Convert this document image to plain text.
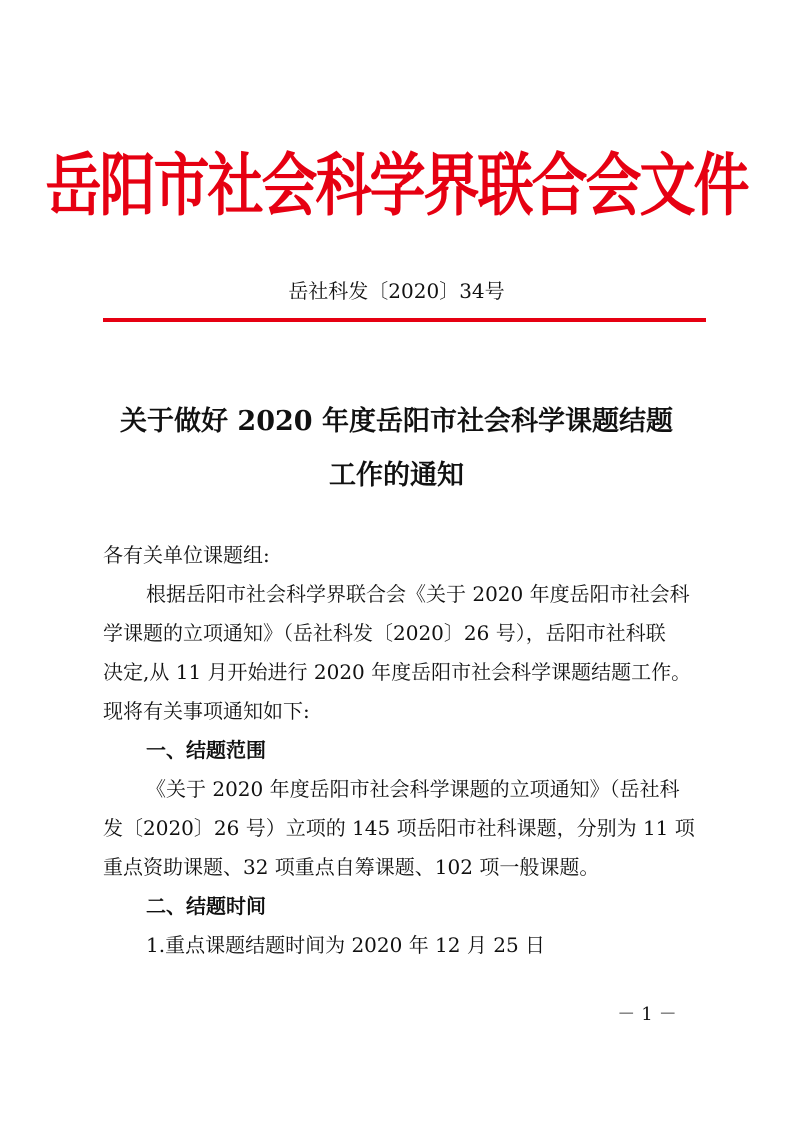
岳阳市社会科学界联合会文件
岳社科发〔2020〕34号
关于做好 2020 年度岳阳市社会科学课题结题
工作的通知
各有关单位课题组:
根据岳阳市社会科学界联合会《关于 2020 年度岳阳市社会科
学课题的立项通知》（岳社科发〔2020〕26 号），岳阳市社科联
决定,从 11 月开始进行 2020 年度岳阳市社会科学课题结题工作。
现将有关事项通知如下:
一、结题范围
《关于 2020 年度岳阳市社会科学课题的立项通知》（岳社科
发〔2020〕26 号）立项的 145 项岳阳市社科课题，分别为 11 项
重点资助课题、32 项重点自筹课题、102 项一般课题。
二、结题时间
1.重点课题结题时间为 2020 年 12 月 25 日
－1－
